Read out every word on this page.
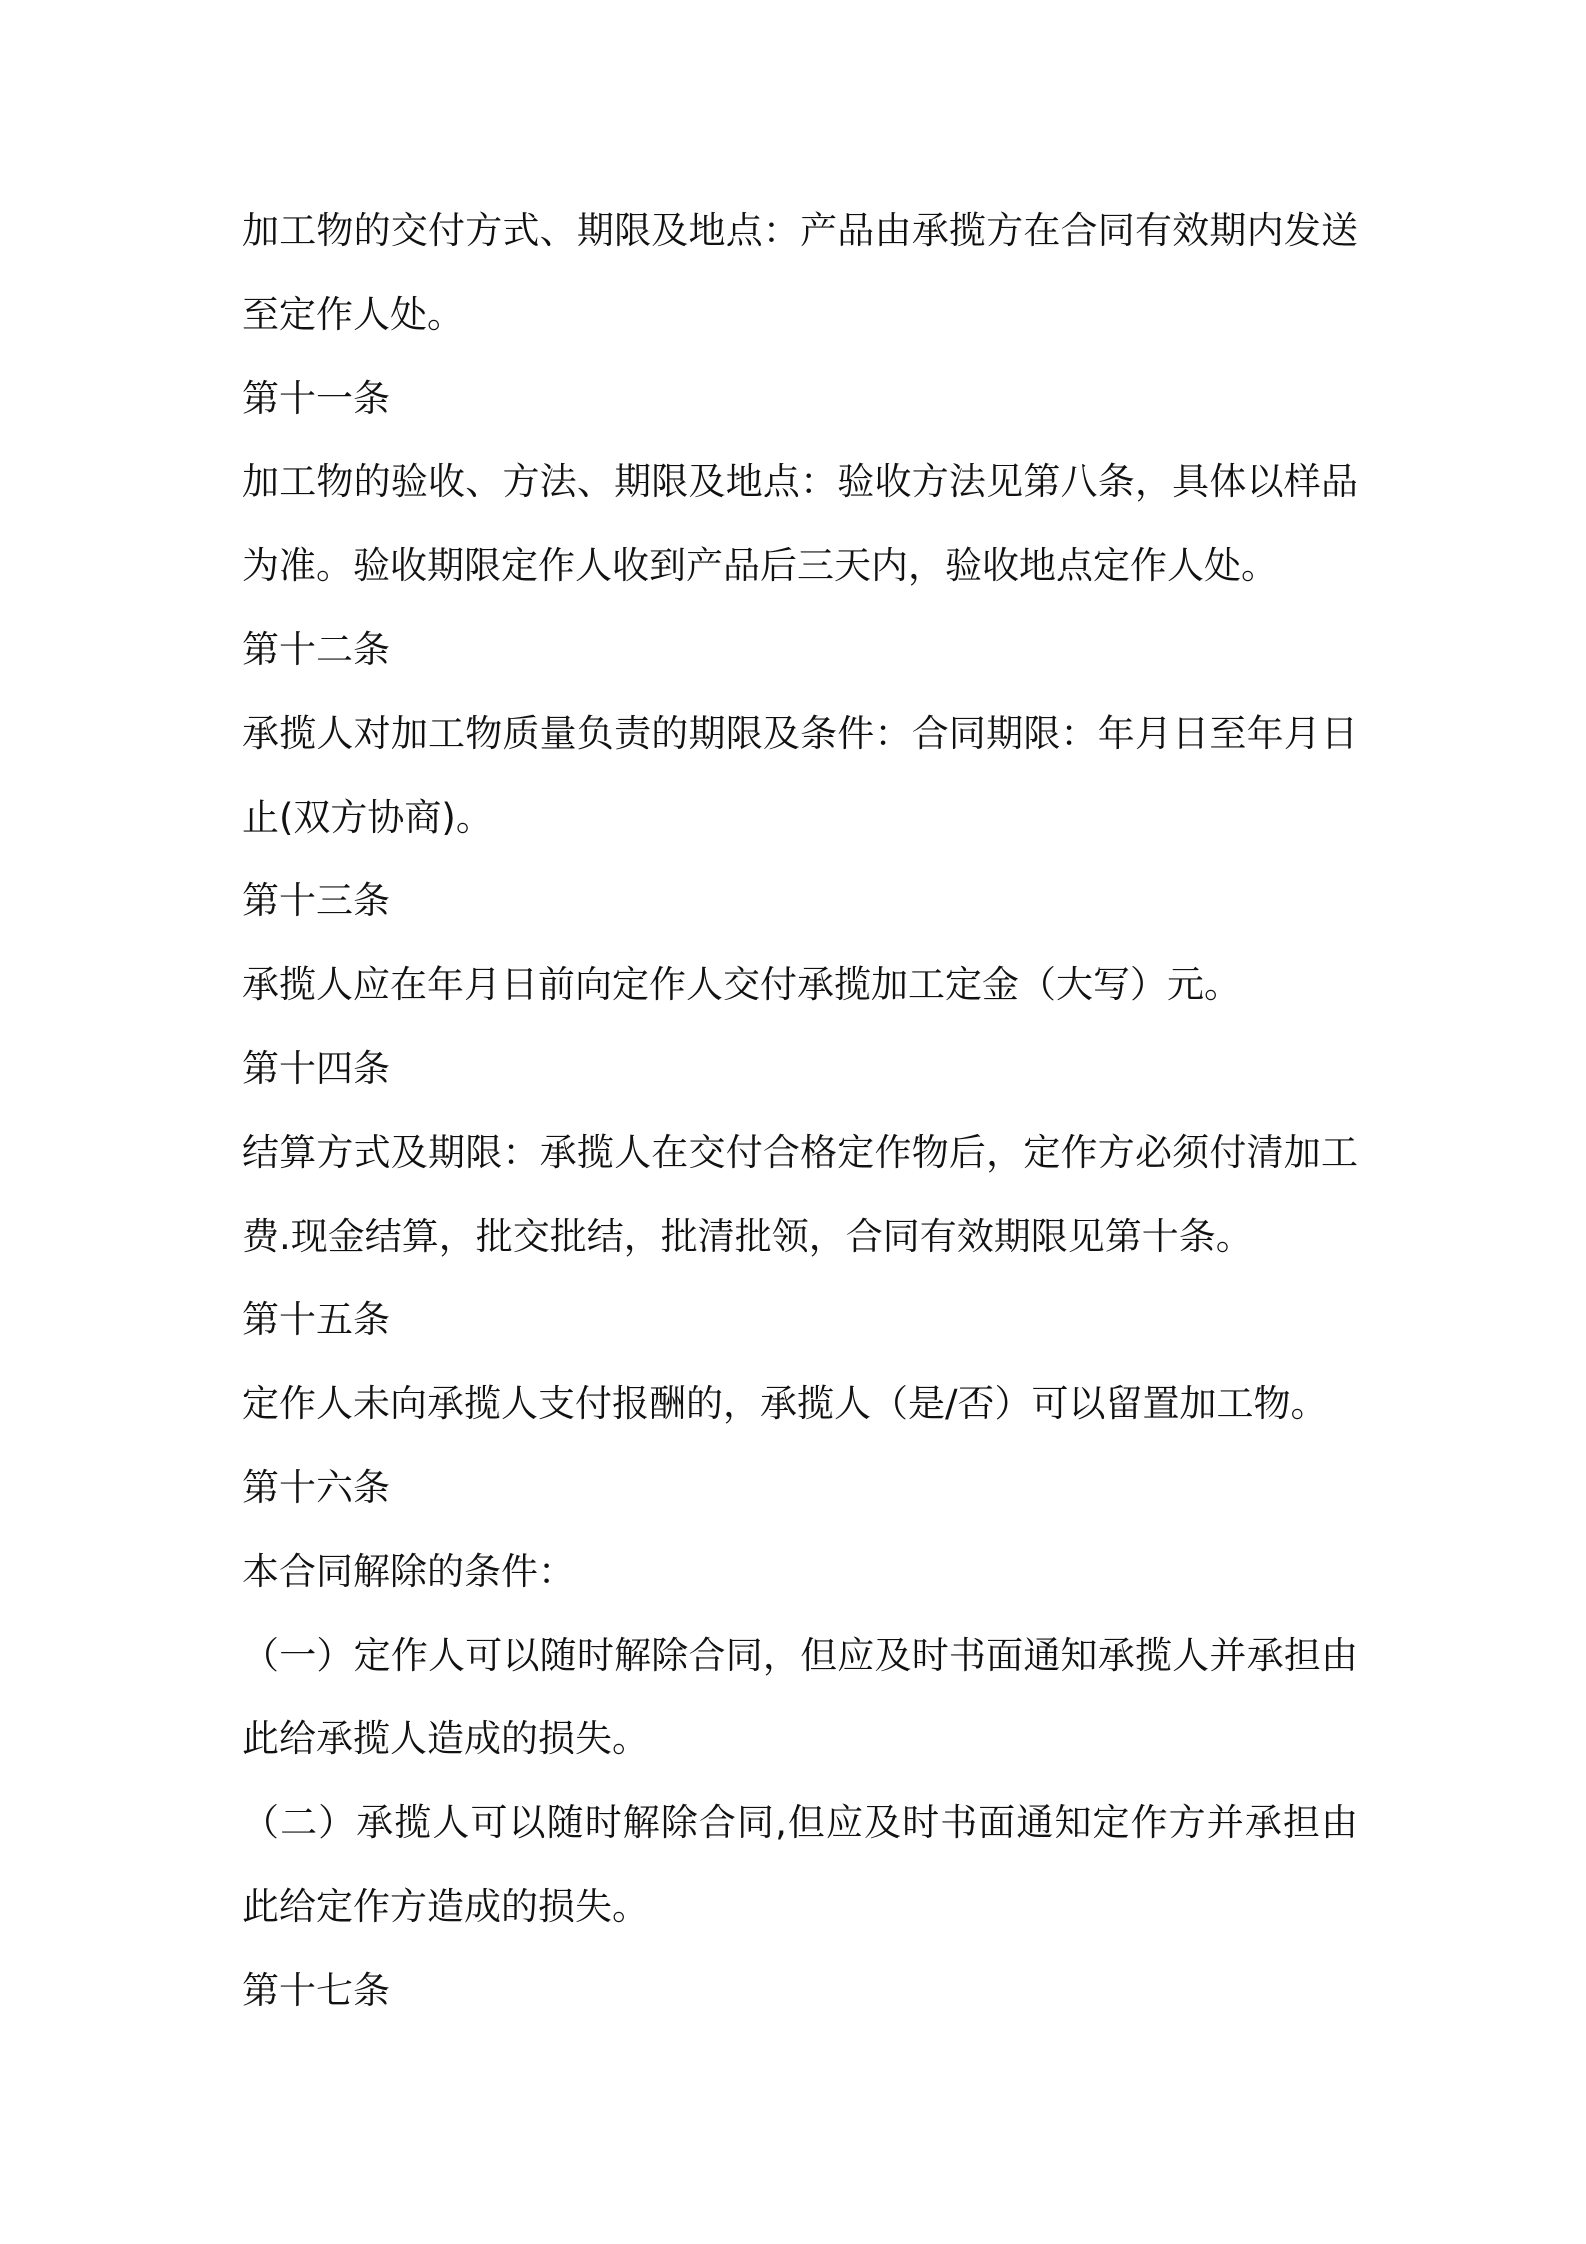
加工物的交付方式、期限及地点：产品由承揽方在合同有效期内发送
至定作人处。
第十一条
加工物的验收、方法、期限及地点：验收方法见第八条，具体以样品
为准。验收期限定作人收到产品后三天内，验收地点定作人处。
第十二条
承揽人对加工物质量负责的期限及条件：合同期限：年月日至年月日
止(双方协商)。
第十三条
承揽人应在年月日前向定作人交付承揽加工定金（大写）元。
第十四条
结算方式及期限：承揽人在交付合格定作物后，定作方必须付清加工
费.现金结算，批交批结，批清批领，合同有效期限见第十条。
第十五条
定作人未向承揽人支付报酬的，承揽人（是/否）可以留置加工物。
第十六条
本合同解除的条件：
（一）定作人可以随时解除合同，但应及时书面通知承揽人并承担由
此给承揽人造成的损失。
（二）承揽人可以随时解除合同,但应及时书面通知定作方并承担由
此给定作方造成的损失。
第十七条
